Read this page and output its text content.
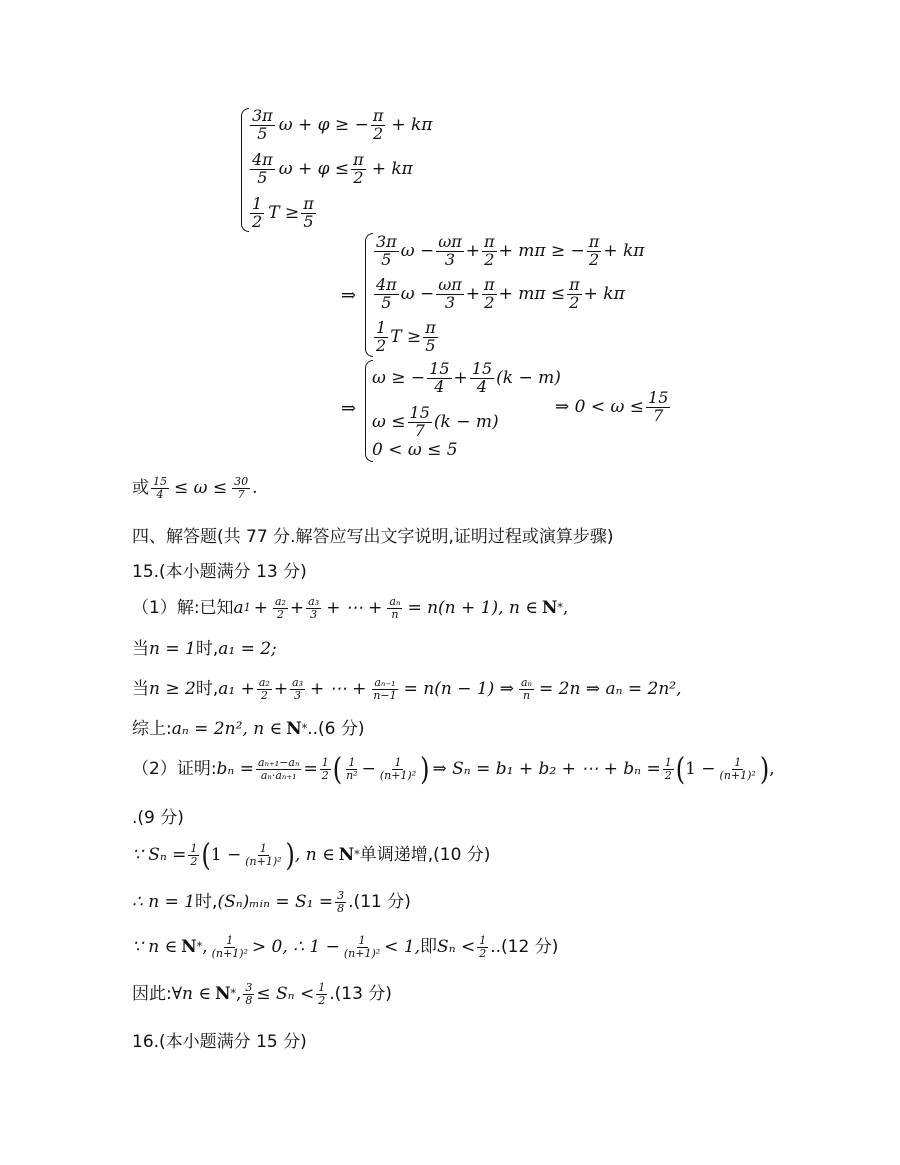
$\frac{3\pi}{5}$ ω + φ ≥ − $\frac{\pi}{2} + k\pi$
$\frac{4\pi}{5}$ $\omega + \varphi \le \frac{\pi}{2} + k\pi$
$\frac{1}{2}$ $T \ge \frac{\pi}{5}$
⇒
$\frac{3\pi}{5}$ $\omega - \frac{\omega\pi}{3} + \frac{\pi}{2} + m\pi$ ≥ − $\frac{\pi}{2} + k\pi$
$\frac{4\pi}{5}$ $\omega - \frac{\omega\pi}{3} + \frac{\pi}{2} + m\pi \le \frac{\pi}{2} + k\pi$
$\frac{1}{2}$ $T \ge \frac{\pi}{5}$
⇒
ω ≥ − $\frac{15}{4} + \frac{15}{4} (k - m)$
$\omega \le \frac{15}{7} (k - m)$
0 < ω ≤ 5
⇒ $0 < \omega \le \frac{15}{7}$
或 $\frac{15}{4} \le \omega \le \frac{30}{7}$ .
四、解答题(共 77 分.解答应写出文字说明,证明过程或演算步骤)
15.(本小题满分 13 分)
（1）解:已知 a $1 + \frac{\text{a₂}}{2} + \frac{\text{a₃}}{3}$ + ⋯ + $\frac{\text{aₙ}}{n} = n(n + 1)$, n ∈ N * ,
当 n = 1 时, a₁ = 2;
当 n ≥ 2 时, $a_1 + \frac{\text{a₂}}{2} + \frac{\text{a₃}}{3}$ + ⋯ + $\frac{\text{aₙ₋₁}}{n-1} = n(n - 1)$ ⇒ $\frac{\text{aₙ}}{n} = 2n$ ⇒ aₙ = 2n²,
综上: aₙ = 2n², n ∈ N * ..(6 分)
（2）证明: $b_n = \frac{\text{aₙ₊₁−aₙ}}{\text{aₙ·aₙ₊₁}} = \frac{1}{2}$ ( $\frac{1}{\text{n²}} - \frac{1}{\text{(n+1)²}}$ ) ⇒ Sₙ = b₁ + b₂ + ⋯ + $b_n = \frac{1}{2}$ ( $1 - \frac{1}{\text{(n+1)²}}$ ) ,
.(9 分)
∵ $S_n = \frac{1}{2}$ ( $1 - \frac{1}{\text{(n+1)²}}$ ) , n ∈ N * 单调递增,(10 分)
∴ n = 1 时, (Sₙ)ₘᵢₙ = $S_1 = \frac{3}{8} .(11$ 分)
∵ n ∈ N * , $\frac{1}{\text{(n+1)²}} > 0$, ∴ $1 - \frac{1}{\text{(n+1)²}} < 1$, 即 $S_n < \frac{1}{2} ..(12$ 分)
因此: ∀n ∈ N * , $\frac{3}{8} \le S_n < \frac{1}{2} .(13$ 分)
16.(本小题满分 15 分)
